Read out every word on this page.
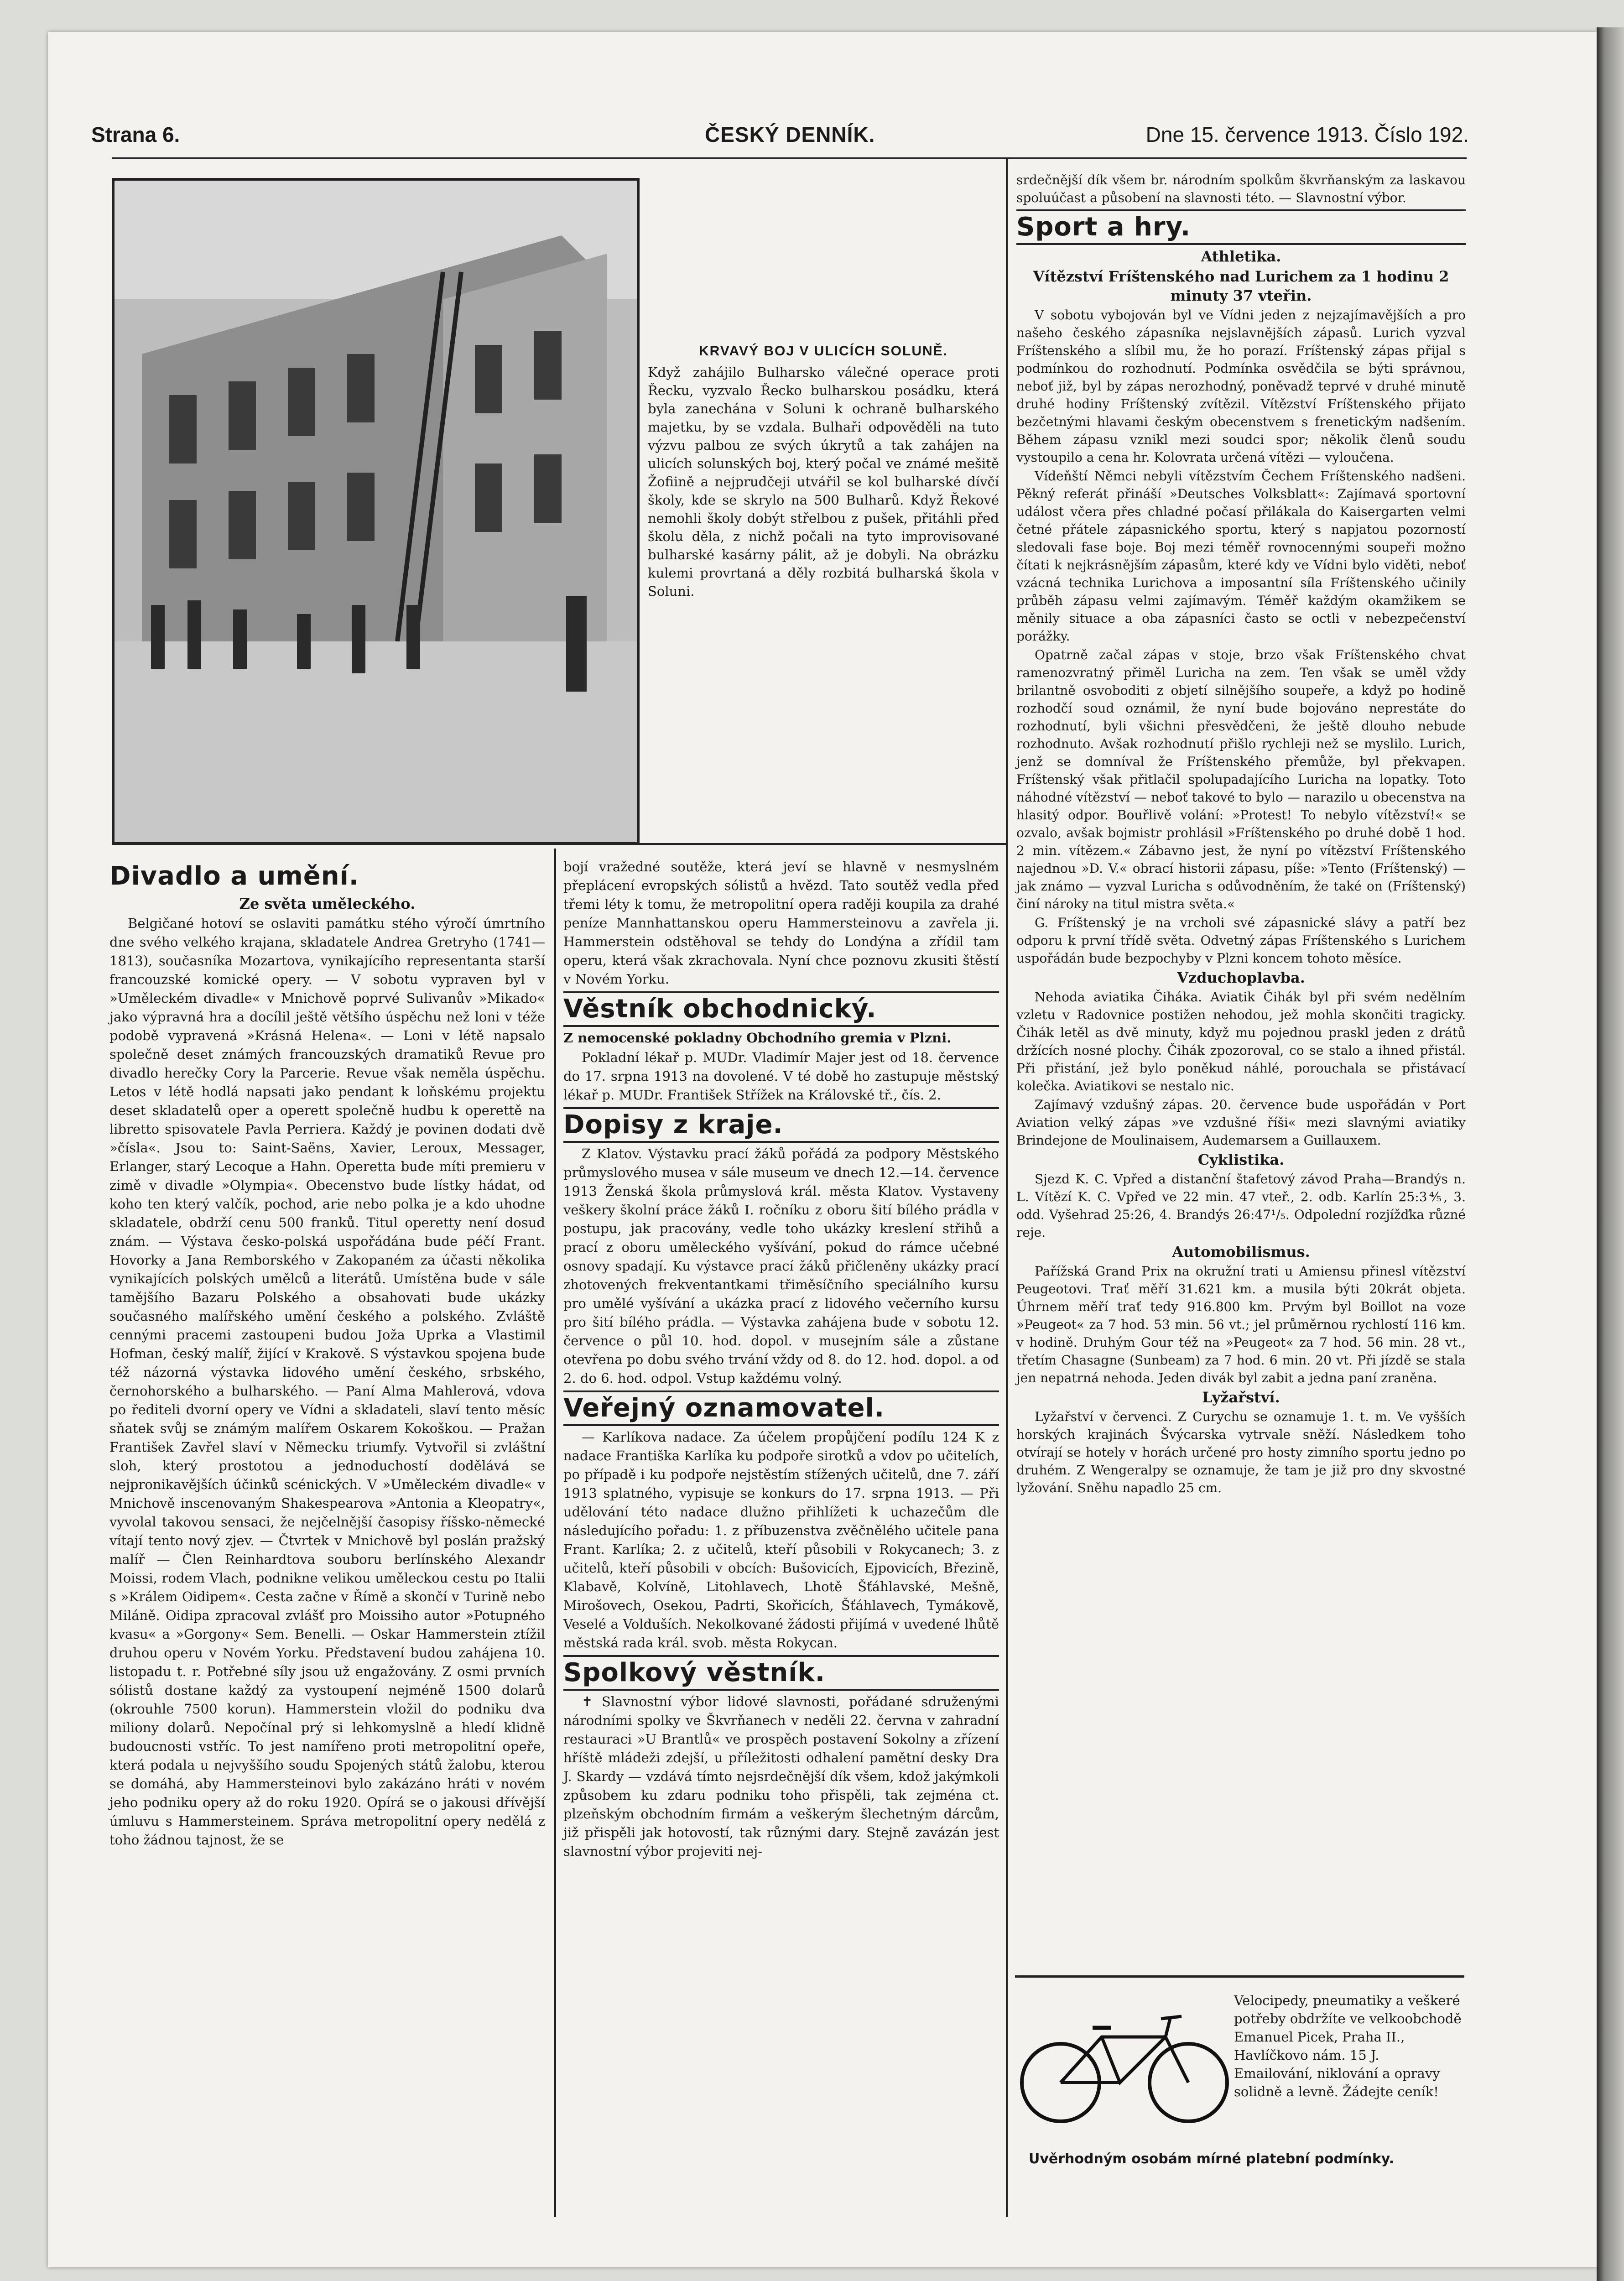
Strana 6.	ČESKÝ DENNÍK.	Dne 15. července 1913. Číslo 192.
KRVAVÝ BOJ V ULICÍCH SOLUNĚ.
Když zahájilo Bulharsko válečné operace proti Řecku, vyzvalo Řecko bulharskou posádku, která byla zanechána v Soluni k ochraně bulharského majetku, by se vzdala. Bulhaři odpověděli na tuto výzvu palbou ze svých úkrytů a tak zahájen na ulicích solunských boj, který počal ve známé mešitě Žofiině a nejprudčeji utvářil se kol bulharské dívčí školy, kde se skrylo na 500 Bulharů. Když Řekové nemohli školy dobýt střelbou z pušek, přitáhli před školu děla, z nichž počali na tyto improvisované bulharské kasárny pálit, až je dobyli. Na obrázku kulemi provrtaná a děly rozbitá bulharská škola v Soluni.
Divadlo a umění.
Ze světa uměleckého.

Belgičané hotoví se oslaviti památku stého výročí úmrtního dne svého velkého krajana, skladatele Andrea Gretryho (1741—1813), současníka Mozartova, vynikajícího representanta starší francouzské komické opery. — V sobotu vypraven byl v »Uměleckém divadle« v Mnichově poprvé Sulivanův »Mikado« jako výpravná hra a docílil ještě většího úspěchu než loni v téže podobě vypravená »Krásná Helena«. — Loni v létě napsalo společně deset známých francouzských dramatiků Revue pro divadlo herečky Cory la Parcerie. Revue však neměla úspěchu. Letos v létě hodlá napsati jako pendant k loňskému projektu deset skladatelů oper a operett společně hudbu k operettě na libretto spisovatele Pavla Perriera. Každý je povinen dodati dvě »čísla«. Jsou to: Saint-Saëns, Xavier, Leroux, Messager, Erlanger, starý Lecoque a Hahn. Operetta bude míti premieru v zimě v divadle »Olympia«. Obecenstvo bude lístky hádat, od koho ten který valčík, pochod, arie nebo polka je a kdo uhodne skladatele, obdrží cenu 500 franků. Titul operetty není dosud znám. — Výstava česko-polská uspořádána bude péčí Frant. Hovorky a Jana Remborského v Zakopaném za účasti několika vynikajících polských umělců a literátů. Umístěna bude v sále tamějšího Bazaru Polského a obsahovati bude ukázky současného malířského umění českého a polského. Zvláště cennými pracemi zastoupeni budou Joža Uprka a Vlastimil Hofman, český malíř, žijící v Krakově. S výstavkou spojena bude též názorná výstavka lidového umění českého, srbského, černohorského a bulharského. — Paní Alma Mahlerová, vdova po řediteli dvorní opery ve Vídni a skladateli, slaví tento měsíc sňatek svůj se známým malířem Oskarem Kokoškou. — Pražan František Zavřel slaví v Německu triumfy. Vytvořil si zvláštní sloh, který prostotou a jednoduchostí dodělává se nejpronikavějších účinků scénických. V »Uměleckém divadle« v Mnichově inscenovaným Shakespearova »Antonia a Kleopatry«, vyvolal takovou sensaci, že nejčelnější časopisy říšsko-německé vítají tento nový zjev. — Čtvrtek v Mnichově byl poslán pražský malíř — Člen Reinhardtova souboru berlínského Alexandr Moissi, rodem Vlach, podnikne velikou uměleckou cestu po Italii s »Králem Oidipem«. Cesta začne v Římě a skončí v Turině nebo Miláně. Oidipa zpracoval zvlášť pro Moissiho autor »Potupného kvasu« a »Gorgony« Sem. Benelli. — Oskar Hammerstein ztížil druhou operu v Novém Yorku. Představení budou zahájena 10. listopadu t. r. Potřebné síly jsou už engažovány. Z osmi prvních sólistů dostane každý za vystoupení nejméně 1500 dolarů (okrouhle 7500 korun). Hammerstein vložil do podniku dva miliony dolarů. Nepočínal prý si lehkomyslně a hledí klidně budoucnosti vstříc. To jest namířeno proti metropolitní opeře, která podala u nejvyššího soudu Spojených států žalobu, kterou se domáhá, aby Hammersteinovi bylo zakázáno hráti v novém jeho podniku opery až do roku 1920. Opírá se o jakousi dřívější úmluvu s Hammersteinem. Správa metropolitní opery nedělá z toho žádnou tajnost, že se

bojí vražedné soutěže, která jeví se hlavně v nesmyslném přeplácení evropských sólistů a hvězd. Tato soutěž vedla před třemi léty k tomu, že metropolitní opera raději koupila za drahé peníze Mannhattanskou operu Hammersteinovu a zavřela ji. Hammerstein odstěhoval se tehdy do Londýna a zřídil tam operu, která však zkrachovala. Nyní chce poznovu zkusiti štěstí v Novém Yorku.

Věstník obchodnický.

Z nemocenské pokladny Obchodního gremia v Plzni.

Pokladní lékař p. MUDr. Vladimír Majer jest od 18. července do 17. srpna 1913 na dovolené. V té době ho zastupuje městský lékař p. MUDr. František Střížek na Královské tř., čís. 2.

Dopisy z kraje.

Z Klatov. Výstavku prací žáků pořádá za podpory Městského průmyslového musea v sále museum ve dnech 12.—14. července 1913 Ženská škola průmyslová král. města Klatov. Vystaveny veškery školní práce žáků I. ročníku z oboru šití bílého prádla v postupu, jak pracovány, vedle toho ukázky kreslení střihů a prací z oboru uměleckého vyšívání, pokud do rámce učebné osnovy spadají. Ku výstavce prací žáků přičleněny ukázky prací zhotovených frekventantkami třiměsíčního speciálního kursu pro umělé vyšívání a ukázka prací z lidového večerního kursu pro šití bílého prádla. — Výstavka zahájena bude v sobotu 12. července o půl 10. hod. dopol. v musejním sále a zůstane otevřena po dobu svého trvání vždy od 8. do 12. hod. dopol. a od 2. do 6. hod. odpol. Vstup každému volný.

Veřejný oznamovatel.

— Karlíkova nadace. Za účelem propůjčení podílu 124 K z nadace Františka Karlíka ku podpoře sirotků a vdov po učitelích, po případě i ku podpoře nejstěstím stížených učitelů, dne 7. září 1913 splatného, vypisuje se konkurs do 17. srpna 1913. — Při udělování této nadace dlužno přihlížeti k uchazečům dle následujícího pořadu: 1. z příbuzenstva zvěčnělého učitele pana Frant. Karlíka; 2. z učitelů, kteří působili v Rokycanech; 3. z učitelů, kteří působili v obcích: Bušovicích, Ejpovicích, Březině, Klabavě, Kolvíně, Litohlavech, Lhotě Šťáhlavské, Mešně, Mirošovech, Osekou, Padrti, Skořicích, Šťáhlavech, Tymákově, Veselé a Volduších. Nekolkované žádosti přijímá v uvedené lhůtě městská rada král. svob. města Rokycan.

Spolkový věstník.

✝ Slavnostní výbor lidové slavnosti, pořádané sdruženými národními spolky ve Škvrňanech v neděli 22. června v zahradní restauraci »U Brantlů« ve prospěch postavení Sokolny a zřízení hříště mládeži zdejší, u příležitosti odhalení pamětní desky Dra J. Skardy — vzdává tímto nejsrdečnější dík všem, kdož jakýmkoli způsobem ku zdaru podniku toho přispěli, tak zejména ct. plzeňským obchodním firmám a veškerým šlechetným dárcům, již přispěli jak hotovostí, tak různými dary. Stejně zavázán jest slavnostní výbor projeviti nej-

srdečnější dík všem br. národním spolkům škvrňanským za laskavou spoluúčast a působení na slavnosti této. — Slavnostní výbor.

Sport a hry.
Athletika.
Vítězství Fríštenského nad Lurichem za 1 hodinu 2 minuty 37 vteřin.

V sobotu vybojován byl ve Vídni jeden z nejzajímavějších a pro našeho českého zápasníka nejslavnějších zápasů. Lurich vyzval Fríštenského a slíbil mu, že ho porazí. Fríštenský zápas přijal s podmínkou do rozhodnutí. Podmínka osvědčila se býti správnou, neboť již, byl by zápas nerozhodný, poněvadž teprvé v druhé minutě druhé hodiny Fríštenský zvítězil. Vítězství Fríštenského přijato bezčetnými hlavami českým obecenstvem s frenetickým nadšením. Během zápasu vznikl mezi soudci spor; několik členů soudu vystoupilo a cena hr. Kolovrata určená vítězi — vyloučena.

Vídeňští Němci nebyli vítězstvím Čechem Fríštenského nadšeni. Pěkný referát přináší »Deutsches Volksblatt«: Zajímavá sportovní událost včera přes chladné počasí přilákala do Kaisergarten velmi četné přátele zápasnického sportu, který s napjatou pozorností sledovali fase boje. Boj mezi téměř rovnocennými soupeři možno čítati k nejkrásnějším zápasům, které kdy ve Vídni bylo viděti, neboť vzácná technika Lurichova a imposantní síla Fríštenského učinily průběh zápasu velmi zajímavým. Téměř každým okamžikem se měnily situace a oba zápasníci často se octli v nebezpečenství porážky.

Opatrně začal zápas v stoje, brzo však Fríštenského chvat ramenozvratný přiměl Luricha na zem. Ten však se uměl vždy brilantně osvoboditi z objetí silnějšího soupeře, a když po hodině rozhodčí soud oznámil, že nyní bude bojováno neprestáte do rozhodnutí, byli všichni přesvědčeni, že ještě dlouho nebude rozhodnuto. Avšak rozhodnutí přišlo rychleji než se myslilo. Lurich, jenž se domníval že Fríštenského přemůže, byl překvapen. Fríštenský však přitlačil spolupadajícího Luricha na lopatky. Toto náhodné vítězství — neboť takové to bylo — narazilo u obecenstva na hlasitý odpor. Bouřlivě volání: »Protest! To nebylo vítězství!« se ozvalo, avšak bojmistr prohlásil »Fríštenského po druhé době 1 hod. 2 min. vítězem.« Zábavno jest, že nyní po vítězství Fríštenského najednou »D. V.« obrací historii zápasu, píše: »Tento (Fríštenský) — jak známo — vyzval Luricha s odůvodněním, že také on (Fríštenský) činí nároky na titul mistra světa.«

G. Fríštenský je na vrcholi své zápasnické slávy a patří bez odporu k první třídě světa. Odvetný zápas Fríštenského s Lurichem uspořádán bude bezpochyby v Plzni koncem tohoto měsíce.

Vzduchoplavba.

Nehoda aviatika Čiháka. Aviatik Čihák byl při svém nedělním vzletu v Radovnice postižen nehodou, jež mohla skončiti tragicky. Čihák letěl as dvě minuty, když mu pojednou praskl jeden z drátů držících nosné plochy. Čihák zpozoroval, co se stalo a ihned přistál. Při přistání, jež bylo poněkud náhlé, porouchala se přistávací kolečka. Aviatikovi se nestalo nic.

Zajímavý vzdušný zápas. 20. července bude uspořádán v Port Aviation velký zápas »ve vzdušné říši« mezi slavnými aviatiky Brindejone de Moulinaisem, Audemarsem a Guillauxem.

Cyklistika.

Sjezd K. C. Vpřed a distanční štafetový závod Praha—Brandýs n. L. Vítězí K. C. Vpřed ve 22 min. 47 vteř., 2. odb. Karlín 25:3⅘, 3. odd. Vyšehrad 25:26, 4. Brandýs 26:47¹/₅. Odpolední rozjížďka různé reje.

Automobilismus.

Pařížská Grand Prix na okružní trati u Amiensu přinesl vítězství Peugeotovi. Trať měří 31.621 km. a musila býti 20krát objeta. Úhrnem měří trať tedy 916.800 km. Prvým byl Boillot na voze »Peugeot« za 7 hod. 53 min. 56 vt.; jel průměrnou rychlostí 116 km. v hodině. Druhým Gour též na »Peugeot« za 7 hod. 56 min. 28 vt., třetím Chasagne (Sunbeam) za 7 hod. 6 min. 20 vt. Při jízdě se stala jen nepatrná nehoda. Jeden divák byl zabit a jedna paní zraněna.

Lyžařství.

Lyžařství v červenci. Z Curychu se oznamuje 1. t. m. Ve vyšších horských krajinách Švýcarska vytrvale sněží. Následkem toho otvírají se hotely v horách určené pro hosty zimního sportu jedno po druhém. Z Wengeralpy se oznamuje, že tam je již pro dny skvostné lyžování. Sněhu napadlo 25 cm.

Velocipedy, pneumatiky a veškeré potřeby obdržíte ve velkoobchodě Emanuel Picek, Praha II., Havlíčkovo nám. 15 J. Emailování, niklování a opravy solidně a levně. Žádejte ceník!
Uvěrhodným osobám mírné platební podmínky.
